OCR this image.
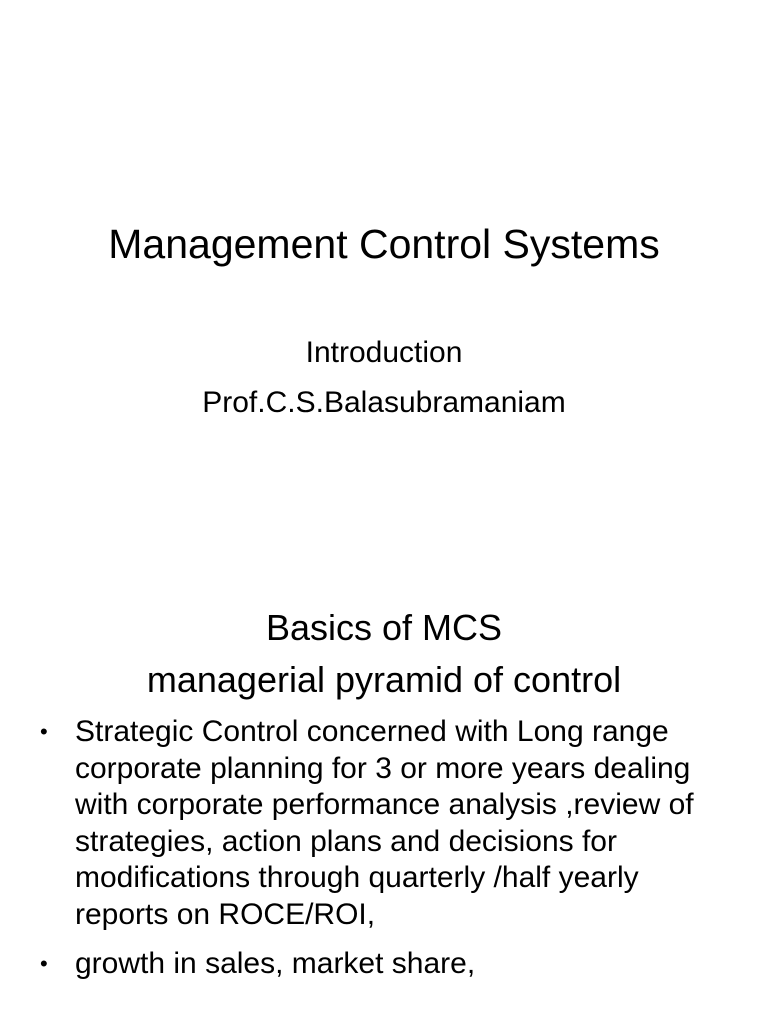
Management Control Systems

Introduction

Prof.C.S.Balasubramaniam

Basics of MCS
managerial pyramid of control
• Strategic Control concerned with Long range corporate planning for 3 or more years dealing with corporate performance analysis ,review of strategies, action plans and decisions for modifications through quarterly /half yearly reports on ROCE/ROI,
• growth in sales, market share,
